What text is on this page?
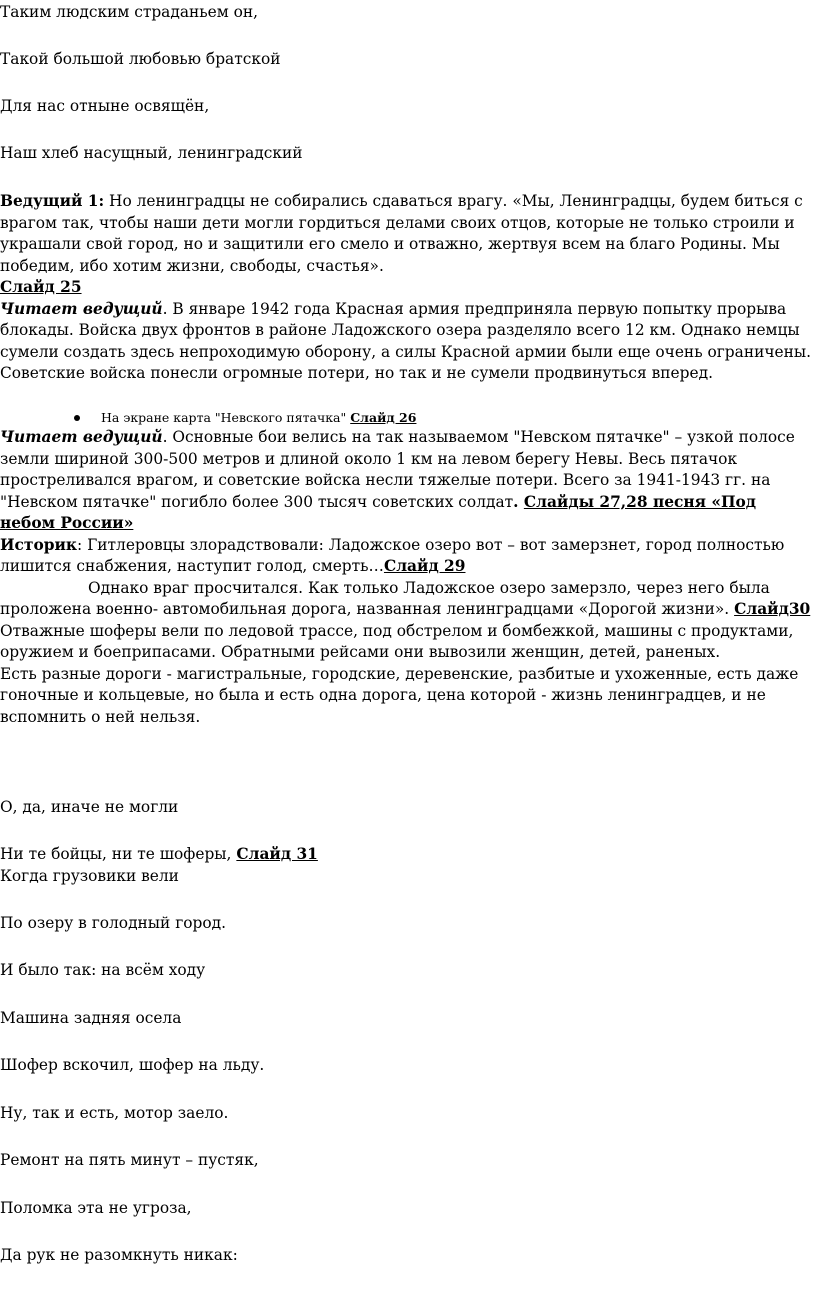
Таким людским страданьем он,

Такой большой любовью братской

Для нас отныне освящён,

Наш хлеб насущный, ленинградский

Ведущий 1: Но ленинградцы не собирались сдаваться врагу. «Мы, Ленинградцы, будем биться с врагом так, чтобы наши дети могли гордиться делами своих отцов, которые не только строили и украшали свой город, но и защитили его смело и отважно, жертвуя всем на благо Родины. Мы победим, ибо хотим жизни, свободы, счастья».

Слайд 25

Читает ведущий. В январе 1942 года Красная армия предприняла первую попытку прорыва блокады. Войска двух фронтов в районе Ладожского озера разделяло всего 12 км. Однако немцы сумели создать здесь непроходимую оборону, а силы Красной армии были еще очень ограничены. Советские войска понесли огромные потери, но так и не сумели продвинуться вперед.

На экране карта "Невского пятачка" Слайд 26

Читает ведущий. Основные бои велись на так называемом "Невском пятачке" – узкой полосе земли шириной 300-500 метров и длиной около 1 км на левом берегу Невы. Весь пятачок простреливался врагом, и советские войска несли тяжелые потери. Всего за 1941-1943 гг. на "Невском пятачке" погибло более 300 тысяч советских солдат. Слайды 27,28 песня «Под небом России»

Историк: Гитлеровцы злорадствовали: Ладожское озеро вот – вот замерзнет, город полностью лишится снабжения, наступит голод, смерть…Слайд 29

Однако враг просчитался. Как только Ладожское озеро замерзло, через него была проложена военно- автомобильная дорога, названная ленинградцами «Дорогой жизни». Слайд30 Отважные шоферы вели по ледовой трассе, под обстрелом и бомбежкой, машины с продуктами, оружием и боеприпасами. Обратными рейсами они вывозили женщин, детей, раненых.

Есть разные дороги - магистральные, городские, деревенские, разбитые и ухоженные, есть даже гоночные и кольцевые, но была и есть одна дорога, цена которой - жизнь ленинградцев, и не вспомнить о ней нельзя.

О, да, иначе не могли

Ни те бойцы, ни те шоферы, Слайд 31

Когда грузовики вели

По озеру в голодный город.

И было так: на всём ходу

Машина задняя осела

Шофер вскочил, шофер на льду.

Ну, так и есть, мотор заело.

Ремонт на пять минут – пустяк,

Поломка эта не угроза,

Да рук не разомкнуть никак:
